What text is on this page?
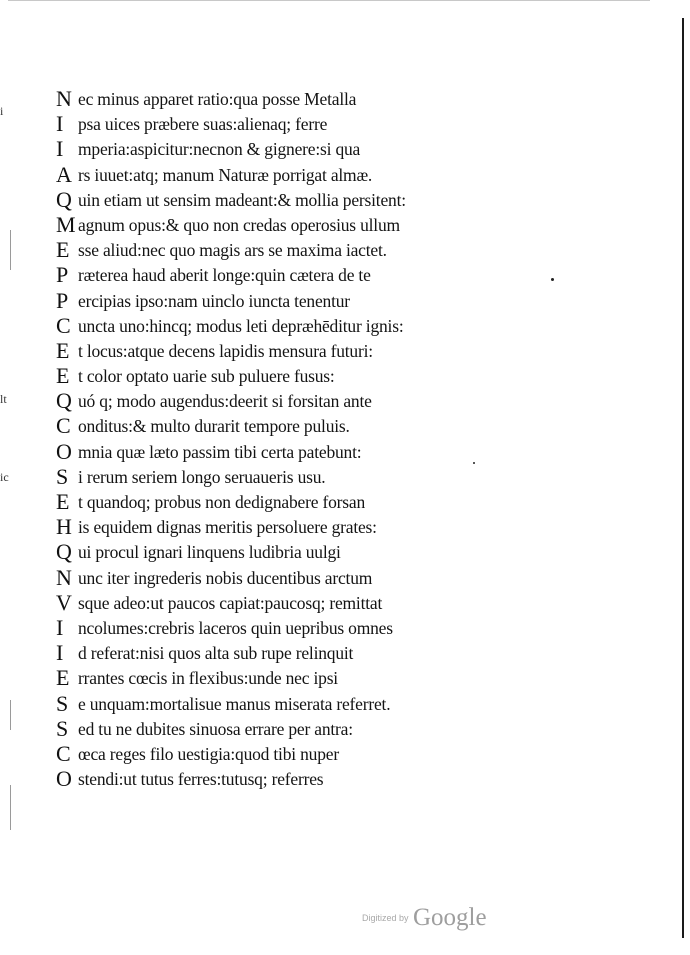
i
lt
ic
N ec minus apparet ratio:qua posse Metalla
I psa uices præbere suas:alienaq; ferre
I mperia:aspicitur:necnon & gignere:si qua
A rs iuuet:atq; manum Naturæ porrigat almæ.
Q uin etiam ut sensim madeant:& mollia persitent:
M agnum opus:& quo non credas operosius ullum
E sse aliud:nec quo magis ars se maxima iactet.
P ræterea haud aberit longe:quin cætera de te
P ercipias ipso:nam uinclo iuncta tenentur
C uncta uno:hincq; modus leti depræhēditur ignis:
E t locus:atque decens lapidis mensura futuri:
E t color optato uarie sub puluere fusus:
Q uó q; modo augendus:deerit si forsitan ante
C onditus:& multo durarit tempore puluis.
O mnia quæ læto passim tibi certa patebunt:
S i rerum seriem longo seruaueris usu.
E t quandoq; probus non dedignabere forsan
H is equidem dignas meritis persoluere grates:
Q ui procul ignari linquens ludibria uulgi
N unc iter ingrederis nobis ducentibus arctum
V sque adeo:ut paucos capiat:paucosq; remittat
I ncolumes:crebris laceros quin uepribus omnes
I d referat:nisi quos alta sub rupe relinquit
E rrantes cœcis in flexibus:unde nec ipsi
S e unquam:mortalisue manus miserata referret.
S ed tu ne dubites sinuosa errare per antra:
C œca reges filo uestigia:quod tibi nuper
O stendi:ut tutus ferres:tutusq; referres
Digitized by Google
